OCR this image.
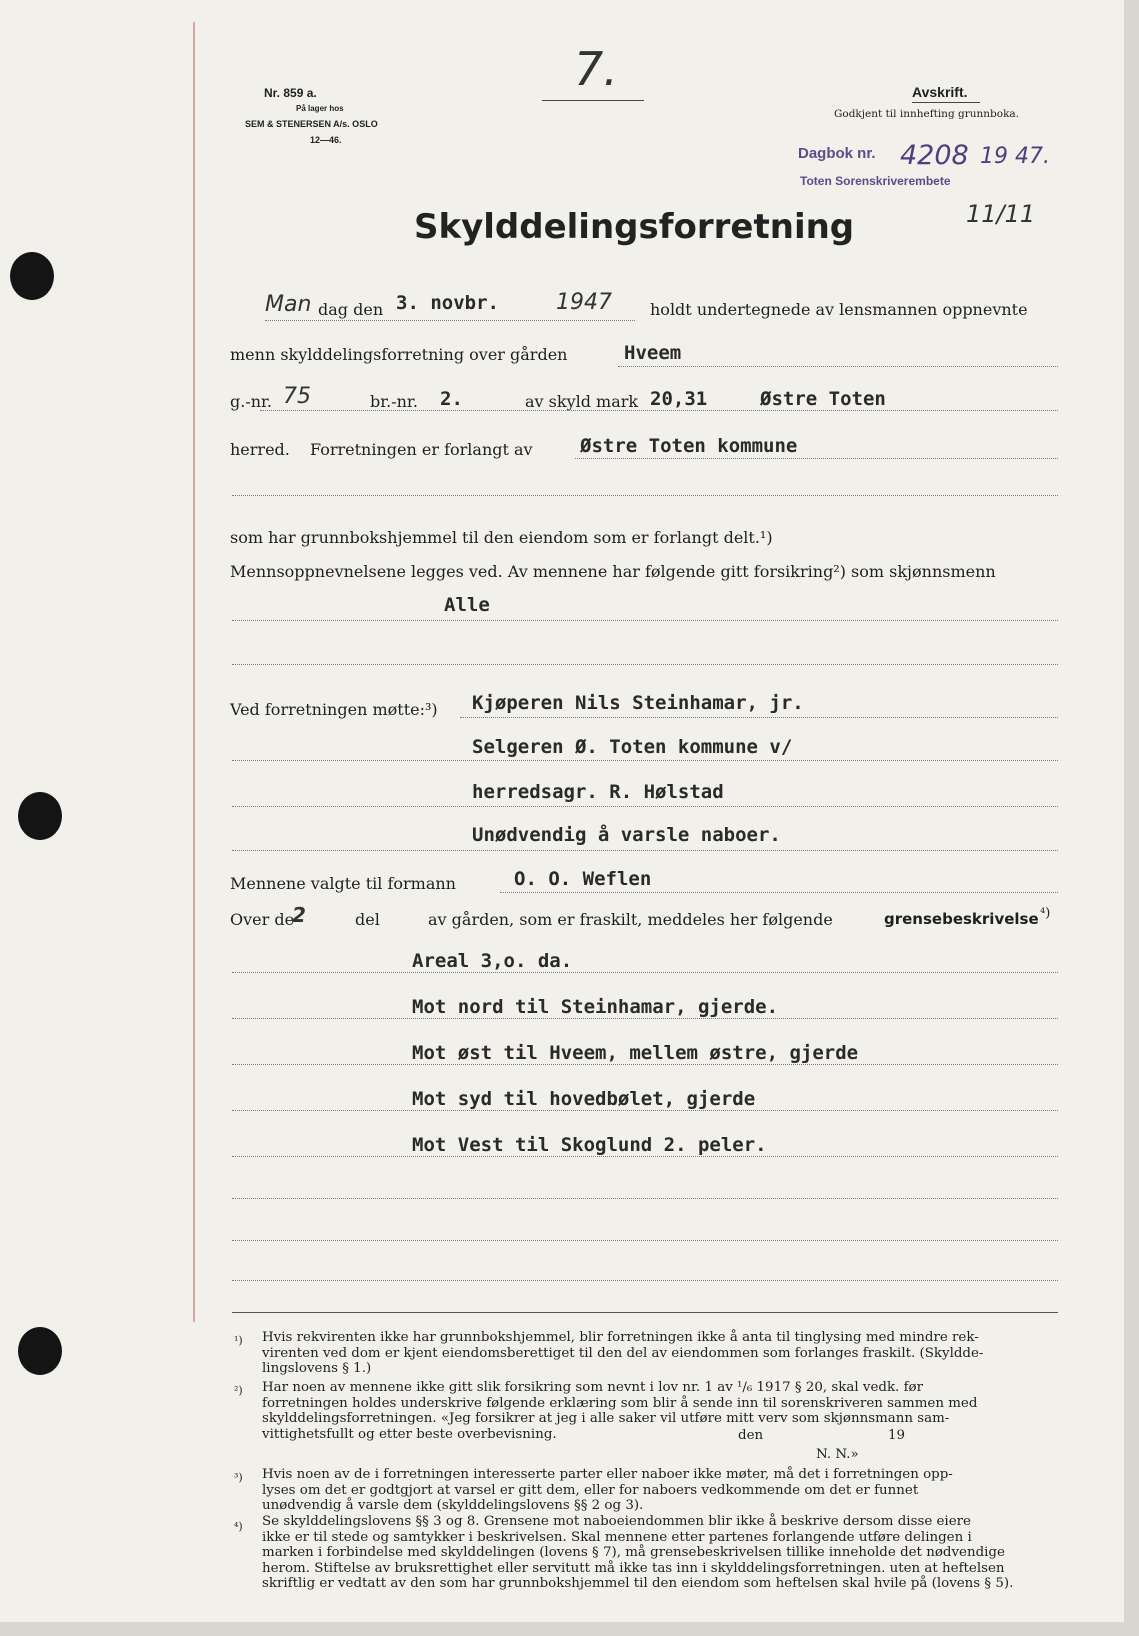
Nr. 859 a.
På lager hos
SEM & STENERSEN A/s. OSLO
12—46.
7.	Avskrift.
Godkjent til innhefting grunnboka.
Dagbok nr. 4208 19 47.
Toten Sorenskriverembete
11/11
Skylddelingsforretning
Man dag den 3. novbr.	1947 holdt undertegnede av lensmannen oppnevnte
menn skylddelingsforretning over gården	Hveem
g.-nr. 75	br.-nr. 2.	av skyld mark 20,31	Østre Toten
herred. Forretningen er forlangt av Østre Toten kommune
som har grunnbokshjemmel til den eiendom som er forlangt delt.¹)
Mennsoppnevnelsene legges ved. Av mennene har følgende gitt forsikring²) som skjønnsmenn
Alle
Ved forretningen møtte:³) Kjøperen Nils Steinhamar, jr.
Selgeren Ø. Toten kommune v/
herredsagr. R. Hølstad
Unødvendig å varsle naboer.
Mennene valgte til formann	O. O. Weflen
Over de
2	del	av gården, som er fraskilt, meddeles her følgende	grensebeskrivelse ⁴)
Areal 3,o. da.
Mot nord til Steinhamar, gjerde.
Mot øst til Hveem, mellem østre, gjerde
Mot syd til hovedbølet, gjerde
Mot Vest til Skoglund 2. peler.
¹) Hvis rekvirenten ikke har grunnbokshjemmel, blir forretningen ikke å anta til tinglysing med mindre rek-
virenten ved dom er kjent eiendomsberettiget til den del av eiendommen som forlanges fraskilt. (Skyldde-
lingslovens § 1.)
²) Har noen av mennene ikke gitt slik forsikring som nevnt i lov nr. 1 av ¹/₆ 1917 § 20, skal vedk. før
forretningen holdes underskrive følgende erklæring som blir å sende inn til sorenskriveren sammen med
skylddelingsforretningen. «Jeg forsikrer at jeg i alle saker vil utføre mitt verv som skjønnsmann sam-
vittighetsfullt og etter beste overbevisning.	den	19
N. N.»
³) Hvis noen av de i forretningen interesserte parter eller naboer ikke møter, må det i forretningen opp-
lyses om det er godtgjort at varsel er gitt dem, eller for naboers vedkommende om det er funnet
unødvendig å varsle dem (skylddelingslovens §§ 2 og 3).
⁴) Se skylddelingslovens §§ 3 og 8. Grensene mot naboeiendommen blir ikke å beskrive dersom disse eiere
ikke er til stede og samtykker i beskrivelsen. Skal mennene etter partenes forlangende utføre delingen i
marken i forbindelse med skylddelingen (lovens § 7), må grensebeskrivelsen tillike inneholde det nødvendige
herom. Stiftelse av bruksrettighet eller servitutt må ikke tas inn i skylddelingsforretningen. uten at heftelsen
skriftlig er vedtatt av den som har grunnbokshjemmel til den eiendom som heftelsen skal hvile på (lovens § 5).
